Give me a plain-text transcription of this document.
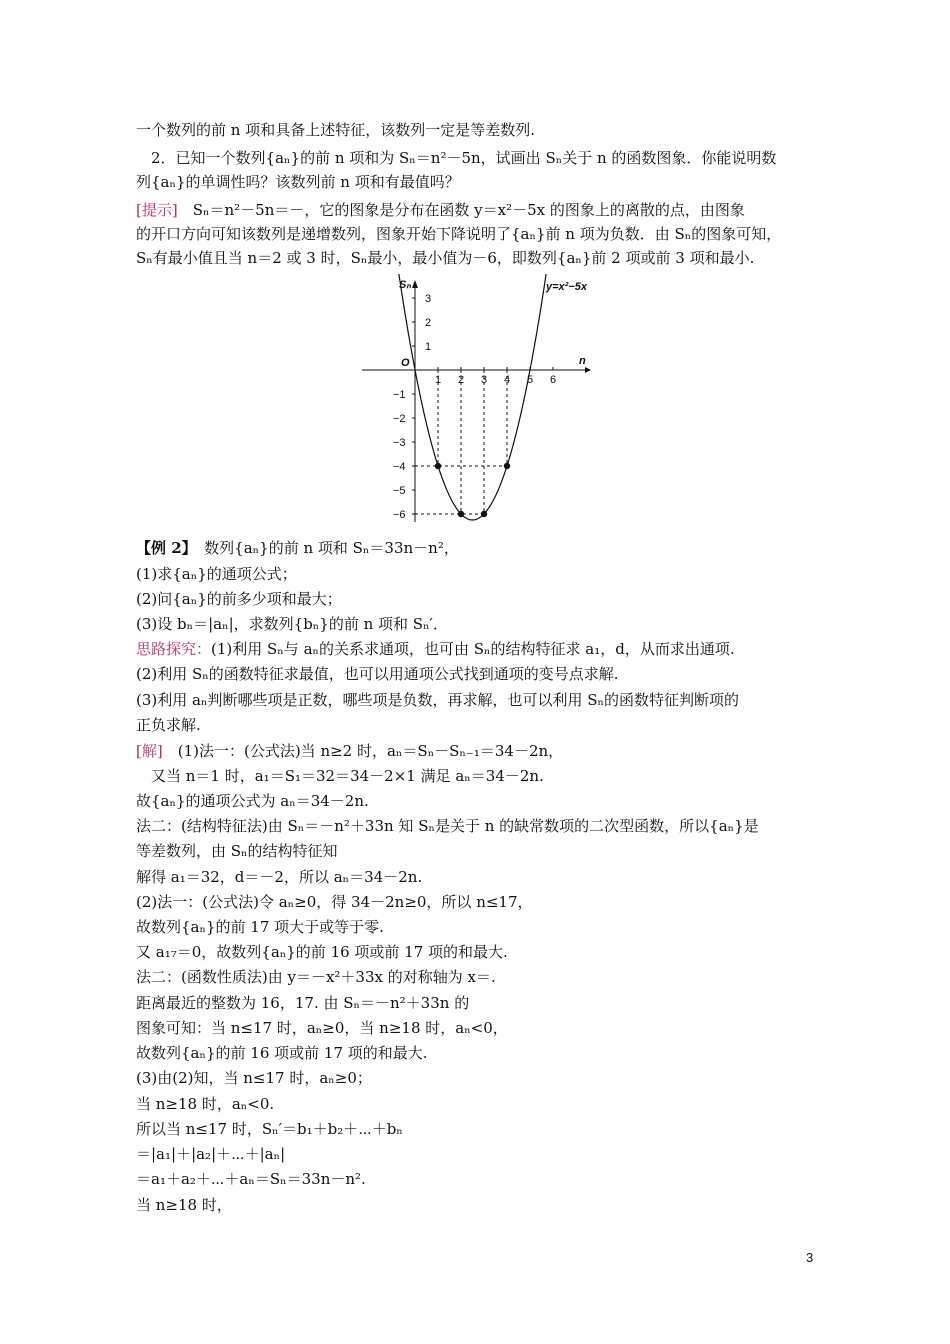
一个数列的前 n 项和具备上述特征，该数列一定是等差数列.

　2．已知一个数列{aₙ}的前 n 项和为 Sₙ＝n²－5n，试画出 Sₙ关于 n 的函数图象．你能说明数

列{aₙ}的单调性吗？该数列前 n 项和有最值吗？

[提示]　Sₙ＝n²－5n＝－，它的图象是分布在函数 y＝x²－5x 的图象上的离散的点，由图象

的开口方向可知该数列是递增数列，图象开始下降说明了{aₙ}前 n 项为负数．由 Sₙ的图象可知，

Sₙ有最小值且当 n＝2 或 3 时，Sₙ最小，最小值为－6，即数列{aₙ}前 2 项或前 3 项和最小.

【例 2】　数列{aₙ}的前 n 项和 Sₙ＝33n－n²，

(1)求{aₙ}的通项公式；

(2)问{aₙ}的前多少项和最大；

(3)设 bₙ＝|aₙ|，求数列{bₙ}的前 n 项和 Sₙ′．

思路探究：(1)利用 Sₙ与 aₙ的关系求通项，也可由 Sₙ的结构特征求 a₁，d，从而求出通项.

(2)利用 Sₙ的函数特征求最值，也可以用通项公式找到通项的变号点求解.

(3)利用 aₙ判断哪些项是正数，哪些项是负数，再求解，也可以利用 Sₙ的函数特征判断项的

正负求解.

[解]　(1)法一：(公式法)当 n≥2 时，aₙ＝Sₙ－Sₙ₋₁＝34－2n，

　又当 n＝1 时，a₁＝S₁＝32＝34－2×1 满足 aₙ＝34－2n.

故{aₙ}的通项公式为 aₙ＝34－2n.

法二：(结构特征法)由 Sₙ＝－n²＋33n 知 Sₙ是关于 n 的缺常数项的二次型函数，所以{aₙ}是

等差数列，由 Sₙ的结构特征知

解得 a₁＝32，d＝－2，所以 aₙ＝34－2n.

(2)法一：(公式法)令 aₙ≥0，得 34－2n≥0，所以 n≤17，

故数列{aₙ}的前 17 项大于或等于零.

又 a₁₇＝0，故数列{aₙ}的前 16 项或前 17 项的和最大.

法二：(函数性质法)由 y＝－x²＋33x 的对称轴为 x＝.

距离最近的整数为 16，17. 由 Sₙ＝－n²＋33n 的

图象可知：当 n≤17 时，aₙ≥0，当 n≥18 时，aₙ<0，

故数列{aₙ}的前 16 项或前 17 项的和最大.

(3)由(2)知，当 n≤17 时，aₙ≥0；

当 n≥18 时，aₙ<0.

所以当 n≤17 时，Sₙ′＝b₁＋b₂＋⋯＋bₙ

＝|a₁|＋|a₂|＋⋯＋|aₙ|

＝a₁＋a₂＋⋯＋aₙ＝Sₙ＝33n－n².

当 n≥18 时，

Sₙ
n
O
y=x²−5x
3
2
1
−1
−2
−3
−4
−5
−6
1 2 3 4 5 6
3
